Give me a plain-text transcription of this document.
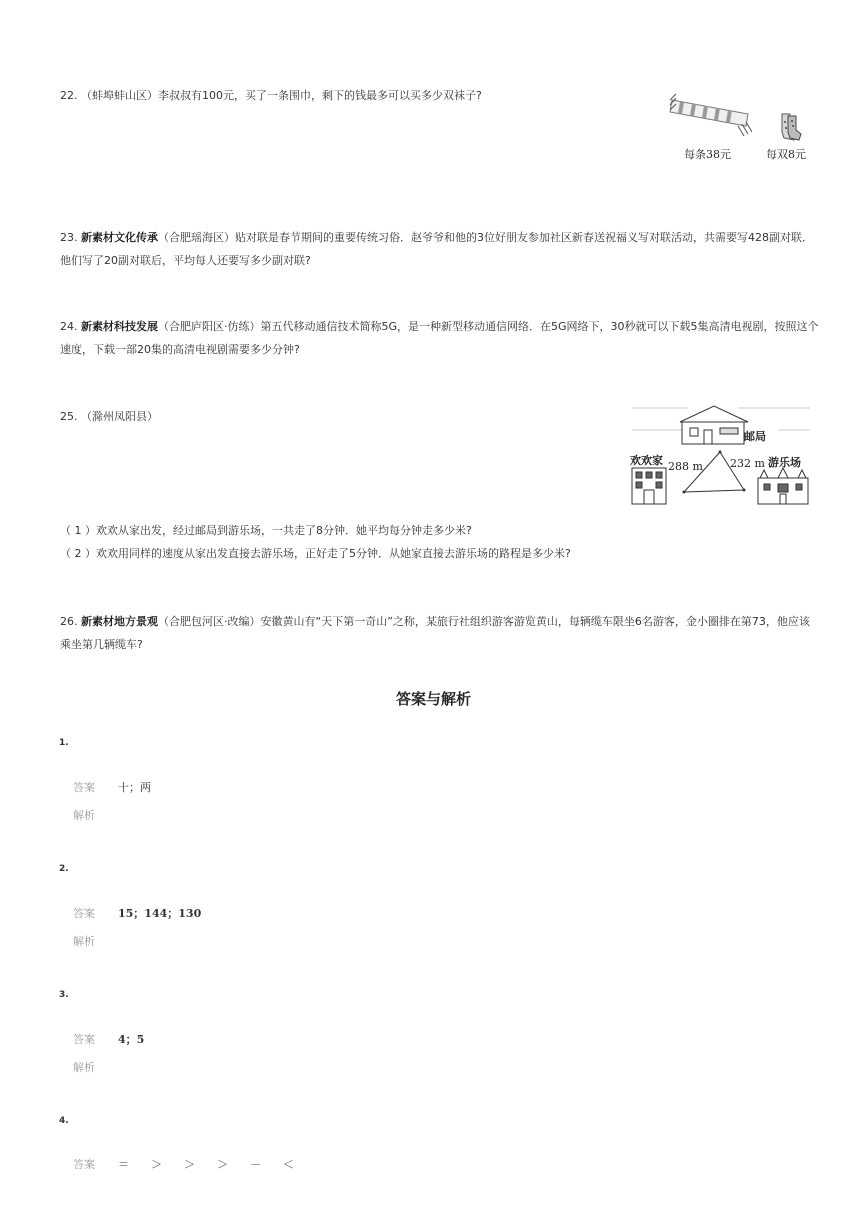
22. （蚌埠蚌山区）李叔叔有100元，买了一条围巾，剩下的钱最多可以买多少双袜子?
每条38元	每双8元
23. 新素材文化传承（合肥瑶海区）贴对联是春节期间的重要传统习俗．赵爷爷和他的3位好朋友参加社区新春送祝福义写对联活动，共需要写428副对联．他们写了20副对联后，平均每人还要写多少副对联?
24. 新素材科技发展（合肥庐阳区·仿练）第五代移动通信技术简称5G，是一种新型移动通信网络．在5G网络下，30秒就可以下载5集高清电视剧，按照这个速度，下载一部20集的高清电视剧需要多少分钟?
25. （滁州凤阳县）
邮局
欢欢家	游乐场
288 m 232 m
（ 1 ）欢欢从家出发，经过邮局到游乐场，一共走了8分钟．她平均每分钟走多少米?
（ 2 ）欢欢用同样的速度从家出发直接去游乐场，正好走了5分钟．从她家直接去游乐场的路程是多少米?
26. 新素材地方景观（合肥包河区·改编）安徽黄山有“天下第一奇山”之称，某旅行社组织游客游览黄山，每辆缆车限坐6名游客，金小圈排在第73，他应该乘坐第几辆缆车?
答案与解析
1.
答案 十；两
解析
2.
答案 15；144；130
解析
3.
答案 4；5
解析
4.
答案 ＝ ＞ ＞ ＞ － ＜
